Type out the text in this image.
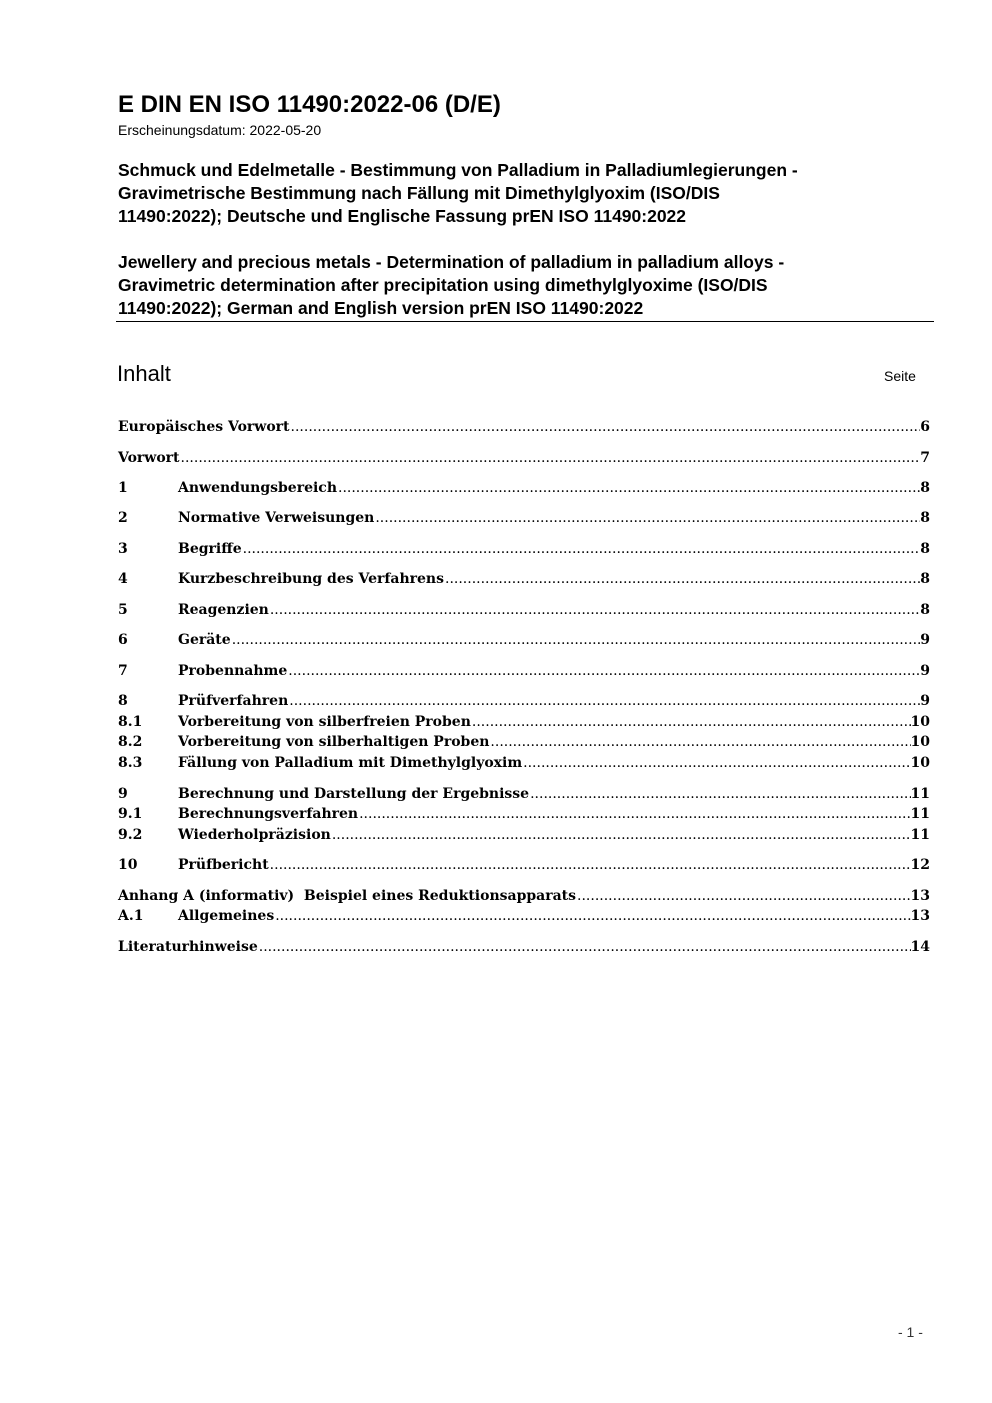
E DIN EN ISO 11490:2022-06 (D/E)
Erscheinungsdatum: 2022-05-20
Schmuck und Edelmetalle - Bestimmung von Palladium in Palladiumlegierungen -
Gravimetrische Bestimmung nach Fällung mit Dimethylglyoxim (ISO/DIS
11490:2022); Deutsche und Englische Fassung prEN ISO 11490:2022
Jewellery and precious metals - Determination of palladium in palladium alloys -
Gravimetric determination after precipitation using dimethylglyoxime (ISO/DIS
11490:2022); German and English version prEN ISO 11490:2022
Inhalt	Seite
Europäisches Vorwort .....	6
Vorwort .....	7
1	Anwendungsbereich .....	8
2	Normative Verweisungen .....	8
3	Begriffe .....	8
4	Kurzbeschreibung des Verfahrens .....	8
5	Reagenzien .....	8
6	Geräte .....	9
7	Probennahme .....	9
8	Prüfverfahren .....	9
8.1	Vorbereitung von silberfreien Proben .....	10
8.2	Vorbereitung von silberhaltigen Proben .....	10
8.3	Fällung von Palladium mit Dimethylglyoxim .....	10
9	Berechnung und Darstellung der Ergebnisse .....	11
9.1	Berechnungsverfahren .....	11
9.2	Wiederholpräzision .....	11
10	Prüfbericht .....	12
Anhang A (informativ)  Beispiel eines Reduktionsapparats .....	13
A.1	Allgemeines .....	13
Literaturhinweise .....	14
- 1 -
